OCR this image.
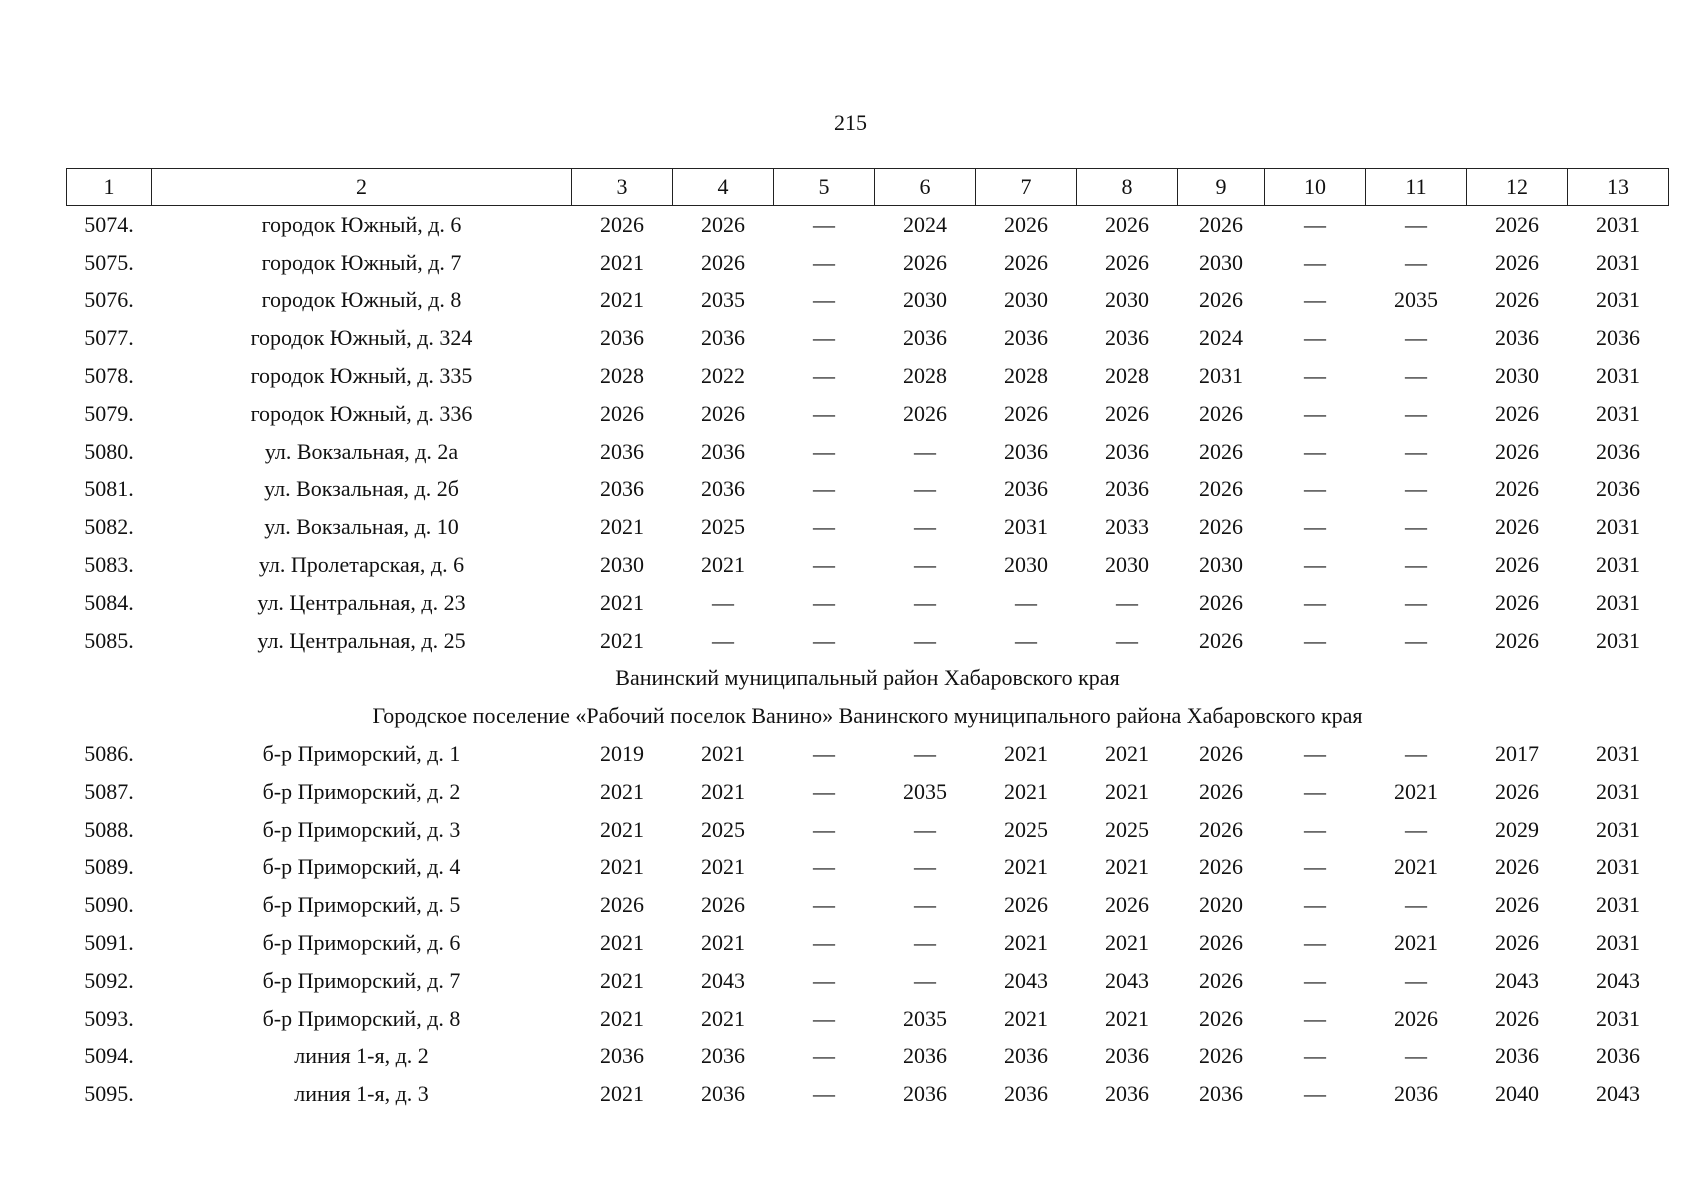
215
1	2	3	4	5	6	7	8	9	10	11	12	13
5074.	городок Южный, д. 6	2026	2026	—	2024	2026	2026	2026	—	—	2026	2031
5075.	городок Южный, д. 7	2021	2026	—	2026	2026	2026	2030	—	—	2026	2031
5076.	городок Южный, д. 8	2021	2035	—	2030	2030	2030	2026	—	2035	2026	2031
5077.	городок Южный, д. 324	2036	2036	—	2036	2036	2036	2024	—	—	2036	2036
5078.	городок Южный, д. 335	2028	2022	—	2028	2028	2028	2031	—	—	2030	2031
5079.	городок Южный, д. 336	2026	2026	—	2026	2026	2026	2026	—	—	2026	2031
5080.	ул. Вокзальная, д. 2а	2036	2036	—	—	2036	2036	2026	—	—	2026	2036
5081.	ул. Вокзальная, д. 2б	2036	2036	—	—	2036	2036	2026	—	—	2026	2036
5082.	ул. Вокзальная, д. 10	2021	2025	—	—	2031	2033	2026	—	—	2026	2031
5083.	ул. Пролетарская, д. 6	2030	2021	—	—	2030	2030	2030	—	—	2026	2031
5084.	ул. Центральная, д. 23	2021	—	—	—	—	—	2026	—	—	2026	2031
5085.	ул. Центральная, д. 25	2021	—	—	—	—	—	2026	—	—	2026	2031
Ванинский муниципальный район Хабаровского края												
Городское поселение «Рабочий поселок Ванино» Ванинского муниципального района Хабаровского края												
5086.	б-р Приморский, д. 1	2019	2021	—	—	2021	2021	2026	—	—	2017	2031
5087.	б-р Приморский, д. 2	2021	2021	—	2035	2021	2021	2026	—	2021	2026	2031
5088.	б-р Приморский, д. 3	2021	2025	—	—	2025	2025	2026	—	—	2029	2031
5089.	б-р Приморский, д. 4	2021	2021	—	—	2021	2021	2026	—	2021	2026	2031
5090.	б-р Приморский, д. 5	2026	2026	—	—	2026	2026	2020	—	—	2026	2031
5091.	б-р Приморский, д. 6	2021	2021	—	—	2021	2021	2026	—	2021	2026	2031
5092.	б-р Приморский, д. 7	2021	2043	—	—	2043	2043	2026	—	—	2043	2043
5093.	б-р Приморский, д. 8	2021	2021	—	2035	2021	2021	2026	—	2026	2026	2031
5094.	линия 1-я, д. 2	2036	2036	—	2036	2036	2036	2026	—	—	2036	2036
5095.	линия 1-я, д. 3	2021	2036	—	2036	2036	2036	2036	—	2036	2040	2043
